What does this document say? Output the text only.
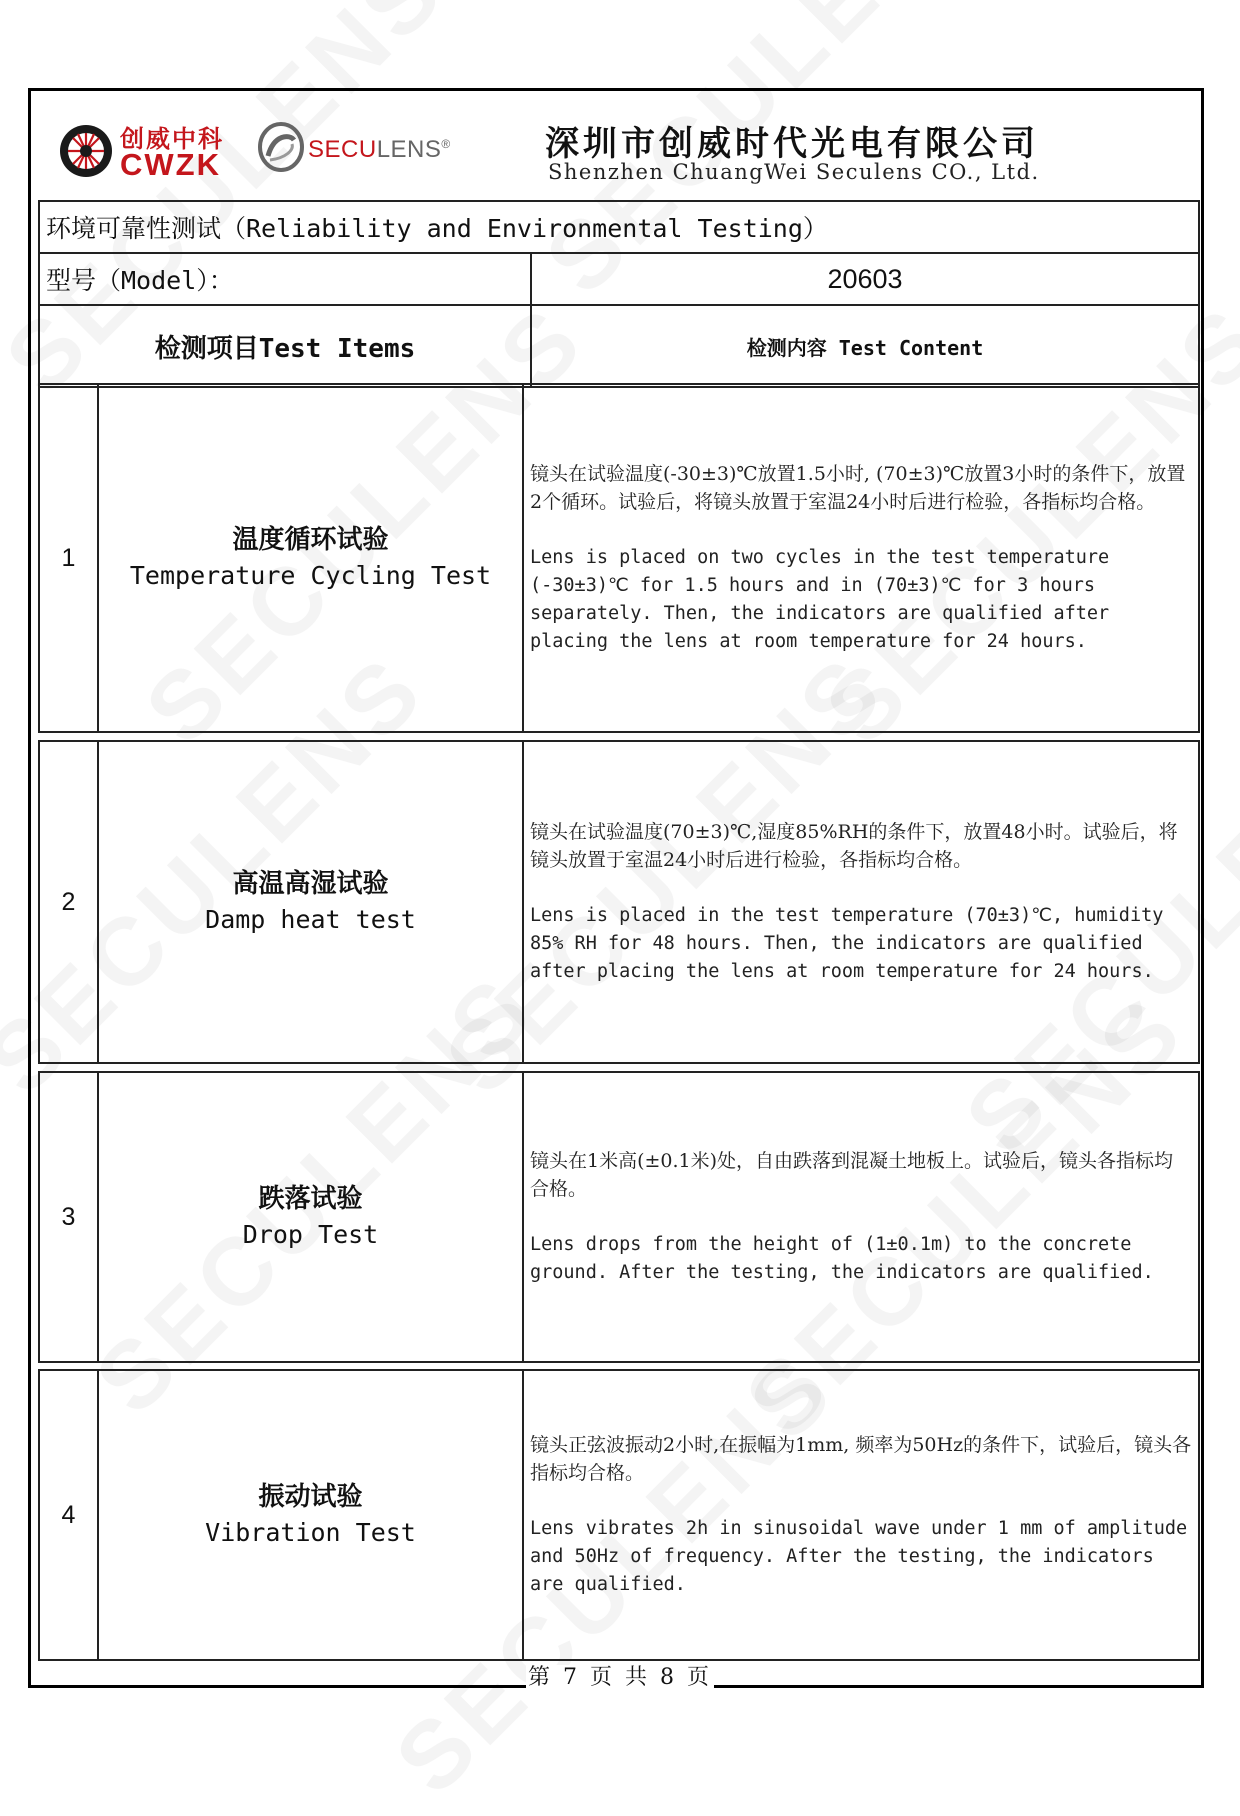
创威中科
CWZK	SECULENS®	深圳市创威时代光电有限公司
Shenzhen ChuangWei Seculens CO., Ltd.
环境可靠性测试（Reliability and Environmental Testing）	
型号（Model）：	20603
检测项目Test Items	检测内容 Test Content
1	
温度循环试验
Temperature Cycling Test

镜头在试验温度(-30±3)℃放置1.5小时, (70±3)℃放置3小时的条件下，放置2个循环。试验后，将镜头放置于室温24小时后进行检验，各指标均合格。
Lens is placed on two cycles in the test temperature (-30±3)℃ for 1.5 hours and in (70±3)℃ for 3 hours separately. Then, the indicators are qualified after placing the lens at room temperature for 24 hours.
2	
高温高湿试验
Damp heat test

镜头在试验温度(70±3)℃,湿度85%RH的条件下，放置48小时。试验后，将镜头放置于室温24小时后进行检验，各指标均合格。
Lens is placed in the test temperature (70±3)℃, humidity 85% RH for 48 hours. Then, the indicators are qualified after placing the lens at room temperature for 24 hours.
3	
跌落试验
Drop Test

镜头在1米高(±0.1米)处，自由跌落到混凝土地板上。试验后，镜头各指标均合格。
Lens drops from the height of (1±0.1m) to the concrete ground. After the testing, the indicators are qualified.
4	
振动试验
Vibration Test

镜头正弦波振动2小时,在振幅为1mm, 频率为50Hz的条件下，试验后，镜头各指标均合格。
Lens vibrates 2h in sinusoidal wave under 1 mm of amplitude and 50Hz of frequency. After the testing, the indicators are qualified.
第 7 页 共 8 页
